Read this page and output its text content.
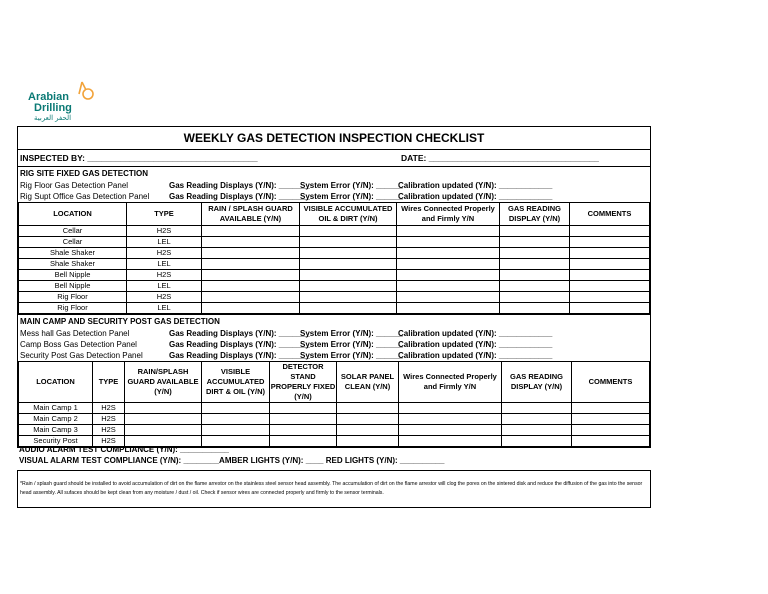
Arabian
Drilling
الحفر العربية
WEEKLY GAS DETECTION INSPECTION CHECKLIST
INSPECTED BY: ____________________________________	DATE: ____________________________________
RIG SITE FIXED GAS DETECTION
Rig Floor Gas Detection Panel	Gas Reading Displays (Y/N): _______
System Error (Y/N): ______
Calibration updated (Y/N): ____________
Rig Supt Office Gas Detection Panel Gas Reading Displays (Y/N): _______
System Error (Y/N): ______
Calibration updated (Y/N): ____________
LOCATION	TYPE	RAIN / SPLASH GUARD AVAILABLE (Y/N)	VISIBLE ACCUMULATED OIL & DIRT (Y/N)	Wires Connected Properly and Firmly Y/N	GAS READING DISPLAY (Y/N)	COMMENTS
Cellar	H2S					
Cellar	LEL					
Shale Shaker	H2S					
Shale Shaker	LEL					
Bell Nipple	H2S					
Bell Nipple	LEL					
Rig Floor	H2S					
Rig Floor	LEL					
MAIN CAMP AND SECURITY POST GAS DETECTION
Mess hall Gas Detection Panel	Gas Reading Displays (Y/N): _______
System Error (Y/N): ______
Calibration updated (Y/N): ____________
Camp Boss Gas Detection Panel	Gas Reading Displays (Y/N): _______
System Error (Y/N): ______
Calibration updated (Y/N): ____________
Security Post Gas Detection Panel	Gas Reading Displays (Y/N): _______
System Error (Y/N): ______
Calibration updated (Y/N): ____________
LOCATION	TYPE	RAIN/SPLASH GUARD AVAILABLE (Y/N)	VISIBLE ACCUMULATED DIRT & OIL (Y/N)	DETECTOR STAND PROPERLY FIXED (Y/N)	SOLAR PANEL CLEAN (Y/N)	Wires Connected Properly and Firmly Y/N	GAS READING DISPLAY (Y/N)	COMMENTS
Main Camp 1	H2S							
Main Camp 2	H2S							
Main Camp 3	H2S							
Security Post	H2S							
AUDIO ALARM TEST COMPLIANCE (Y/N): ___________
VISUAL ALARM TEST COMPLIANCE (Y/N): ________AMBER LIGHTS (Y/N): ____ RED LIGHTS (Y/N): __________
*Rain / splash guard should be installed to avoid accumulation of dirt on the flame arrestor on the stainless steel sensor head assembly. The accumulation of dirt on the flame arrestor will clog the pores on the sintered disk and reduce the diffusion of the gas into the sensor head assembly. All sufaces should be kept clean from any moisture / dust / oil. Check if sensor wires are connected properly and firmly to the sensor terminals.
